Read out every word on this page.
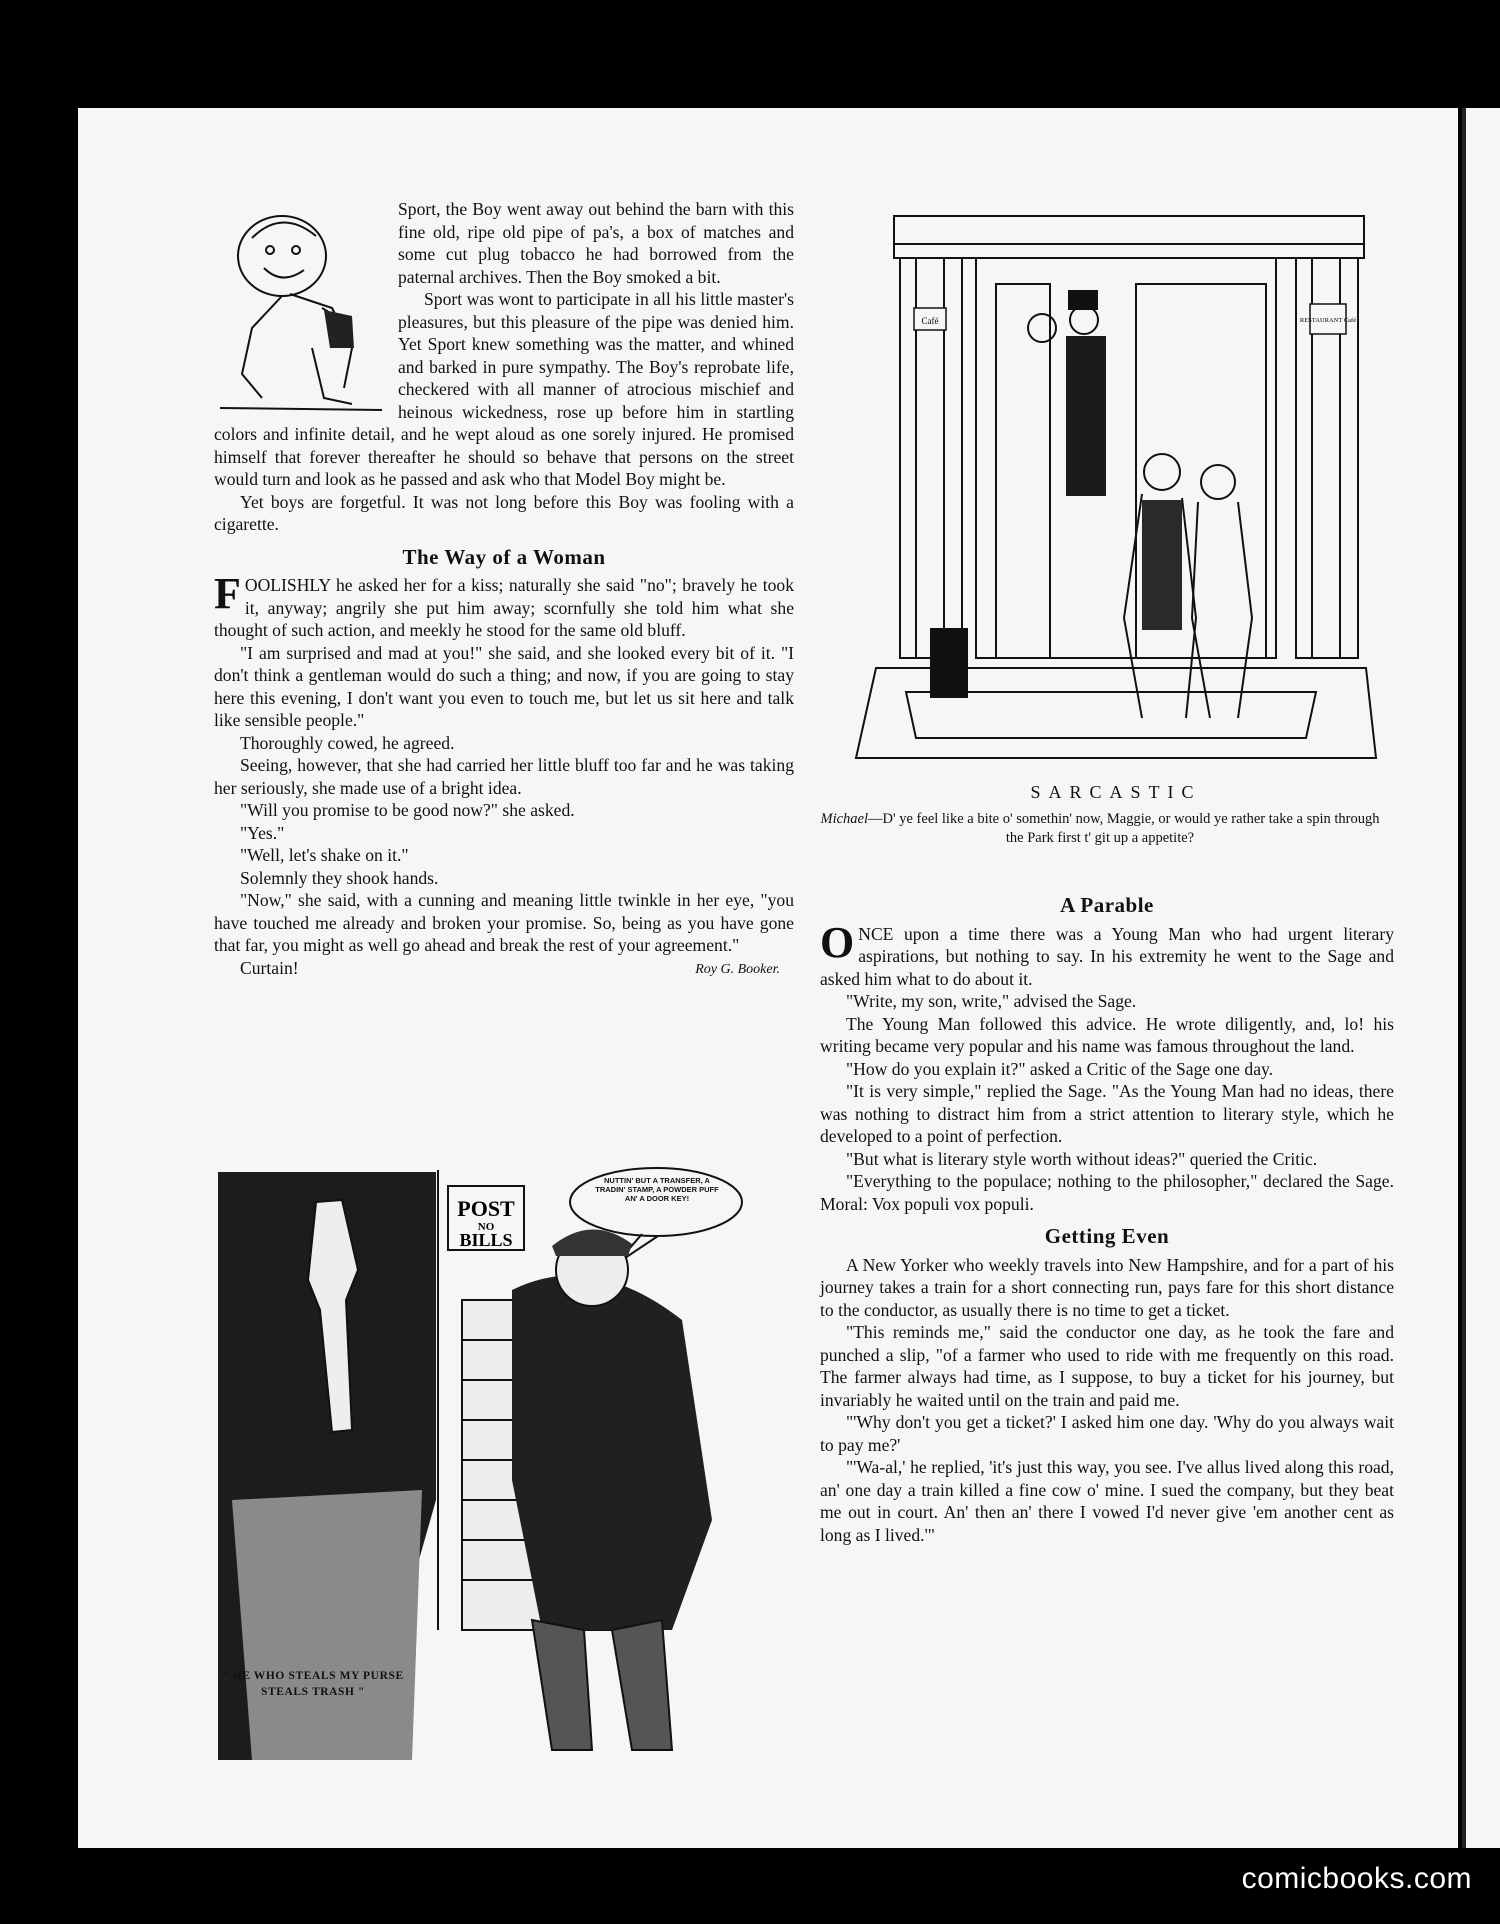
Sport, the Boy went away out behind the barn with this fine old, ripe old pipe of pa's, a box of matches and some cut plug tobacco he had borrowed from the paternal archives. Then the Boy smoked a bit.

Sport was wont to participate in all his little master's pleasures, but this pleasure of the pipe was denied him. Yet Sport knew something was the matter, and whined and barked in pure sympathy. The Boy's reprobate life, checkered with all manner of atrocious mischief and heinous wickedness, rose up before him in startling colors and infinite detail, and he wept aloud as one sorely injured. He promised himself that forever thereafter he should so behave that persons on the street would turn and look as he passed and ask who that Model Boy might be.

Yet boys are forgetful. It was not long before this Boy was fooling with a cigarette.

The Way of a Woman

FOOLISHLY he asked her for a kiss; naturally she said "no"; bravely he took it, anyway; angrily she put him away; scornfully she told him what she thought of such action, and meekly he stood for the same old bluff.

"I am surprised and mad at you!" she said, and she looked every bit of it. "I don't think a gentleman would do such a thing; and now, if you are going to stay here this evening, I don't want you even to touch me, but let us sit here and talk like sensible people."

Thoroughly cowed, he agreed.

Seeing, however, that she had carried her little bluff too far and he was taking her seriously, she made use of a bright idea.

"Will you promise to be good now?" she asked.

"Yes."

"Well, let's shake on it."

Solemnly they shook hands.

"Now," she said, with a cunning and meaning little twinkle in her eye, "you have touched me already and broken your promise. So, being as you have gone that far, you might as well go ahead and break the rest of your agreement."

Curtain!	Roy G. Booker.
Café	RESTAURANT Café
SARCASTIC
Michael—D' ye feel like a bite o' somethin' now, Maggie, or would ye rather take a spin through the Park first t' git up a appetite?
A Parable

ONCE upon a time there was a Young Man who had urgent literary aspirations, but nothing to say. In his extremity he went to the Sage and asked him what to do about it.

"Write, my son, write," advised the Sage.

The Young Man followed this advice. He wrote diligently, and, lo! his writing became very popular and his name was famous throughout the land.

"How do you explain it?" asked a Critic of the Sage one day.

"It is very simple," replied the Sage. "As the Young Man had no ideas, there was nothing to distract him from a strict attention to literary style, which he developed to a point of perfection.

"But what is literary style worth without ideas?" queried the Critic.

"Everything to the populace; nothing to the philosopher," declared the Sage. Moral: Vox populi vox populi.

Getting Even

A New Yorker who weekly travels into New Hampshire, and for a part of his journey takes a train for a short connecting run, pays fare for this short distance to the conductor, as usually there is no time to get a ticket.

"This reminds me," said the conductor one day, as he took the fare and punched a slip, "of a farmer who used to ride with me frequently on this road. The farmer always had time, as I suppose, to buy a ticket for his journey, but invariably he waited until on the train and paid me.

"'Why don't you get a ticket?' I asked him one day. 'Why do you always wait to pay me?'

"'Wa-al,' he replied, 'it's just this way, you see. I've allus lived along this road, an' one day a train killed a fine cow o' mine. I sued the company, but they beat me out in court. An' then an' there I vowed I'd never give 'em another cent as long as I lived.'"

POST
NO
BILLS
NUTTIN' BUT A TRANSFER, A TRADIN' STAMP, A POWDER PUFF AN' A DOOR KEY!
" HE WHO STEALS MY PURSE
STEALS TRASH "
comicbooks.com
